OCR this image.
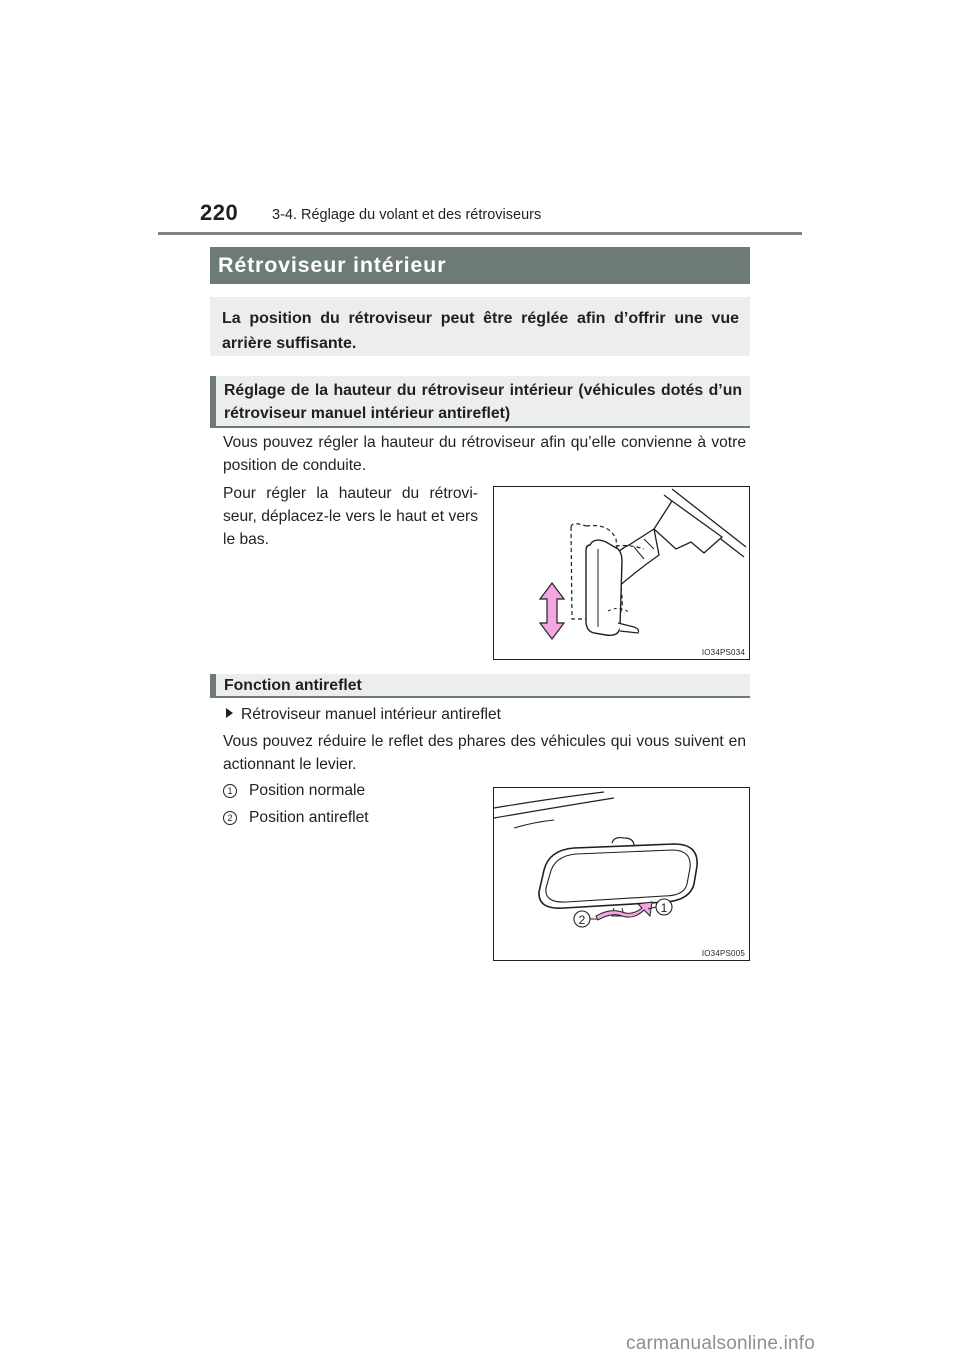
220 3-4. Réglage du volant et des rétroviseurs
Rétroviseur intérieur
La position du rétroviseur peut être réglée afin d’offrir une vue arrière suffisante.
Réglage de la hauteur du rétroviseur intérieur (véhicules dotés d’un rétroviseur manuel intérieur antireflet)
Vous pouvez régler la hauteur du rétroviseur afin qu’elle convienne à votre position de conduite.
Pour régler la hauteur du rétrovi-seur, déplacez-le vers le haut et vers le bas.
IO34PS034
Fonction antireflet
Rétroviseur manuel intérieur antireflet
Vous pouvez réduire le reflet des phares des véhicules qui vous suivent en actionnant le levier.
1 Position normale
2 Position antireflet
2
1
IO34PS005
carmanualsonline.info
